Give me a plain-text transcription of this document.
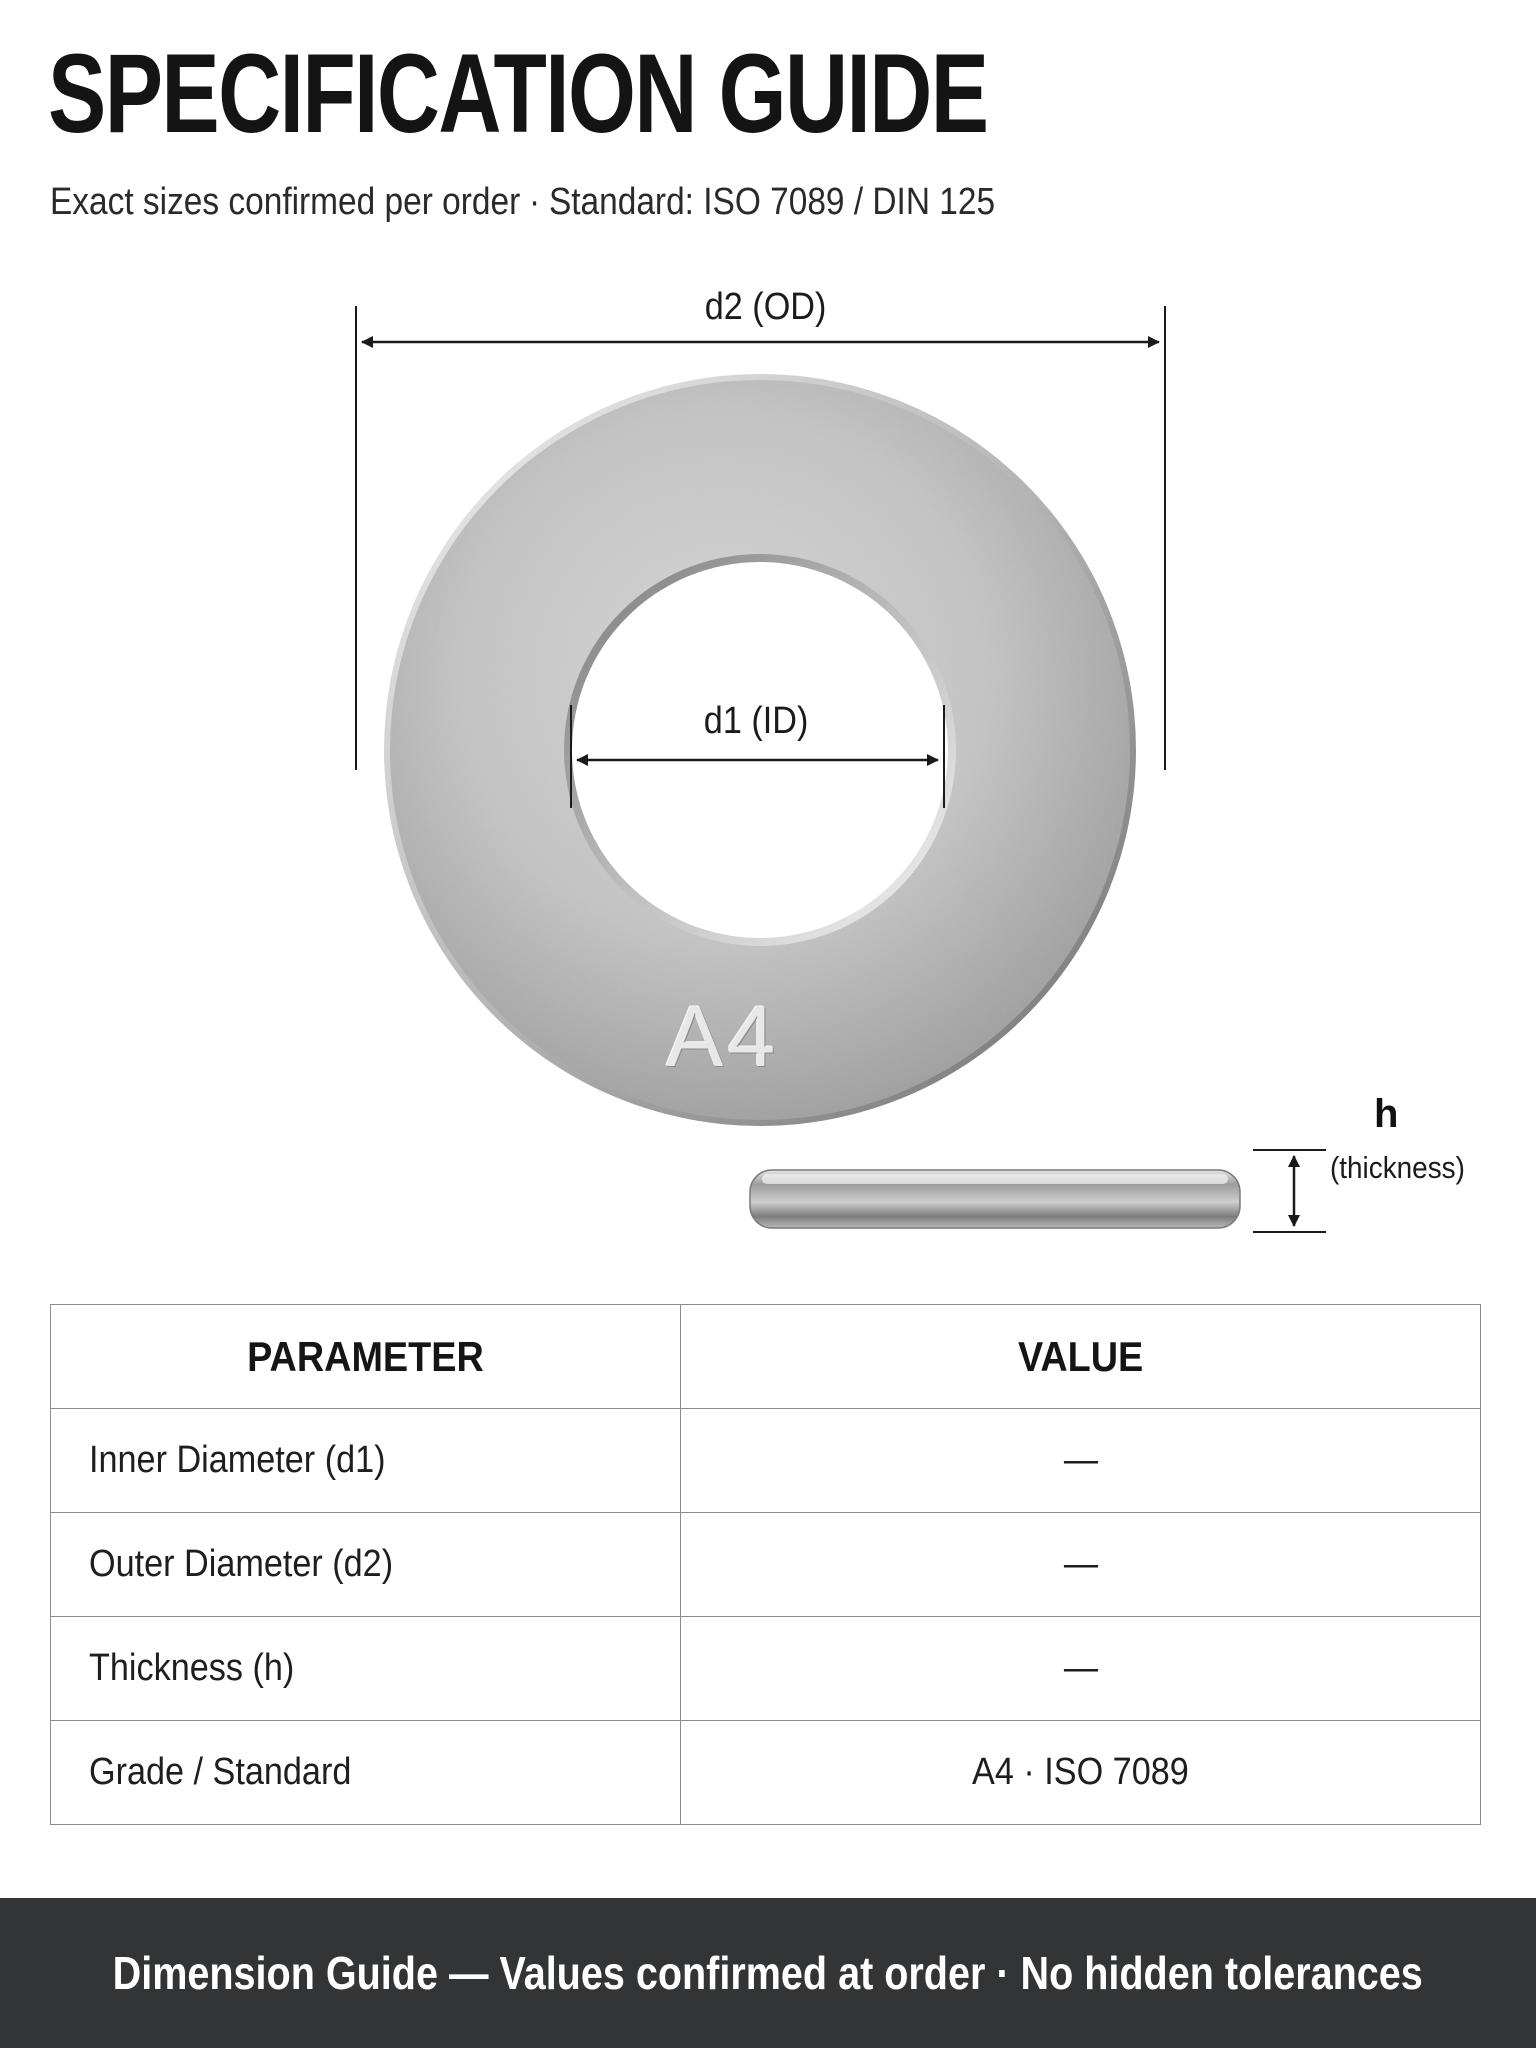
SPECIFICATION GUIDE
Exact sizes confirmed per order · Standard: ISO 7089 / DIN 125
d2 (OD)
d1 (ID)
A4
h
(thickness)
PARAMETER	VALUE
Inner Diameter (d1)	—
Outer Diameter (d2)	—
Thickness (h)	—
Grade / Standard	A4 · ISO 7089
Dimension Guide — Values confirmed at order · No hidden tolerances
